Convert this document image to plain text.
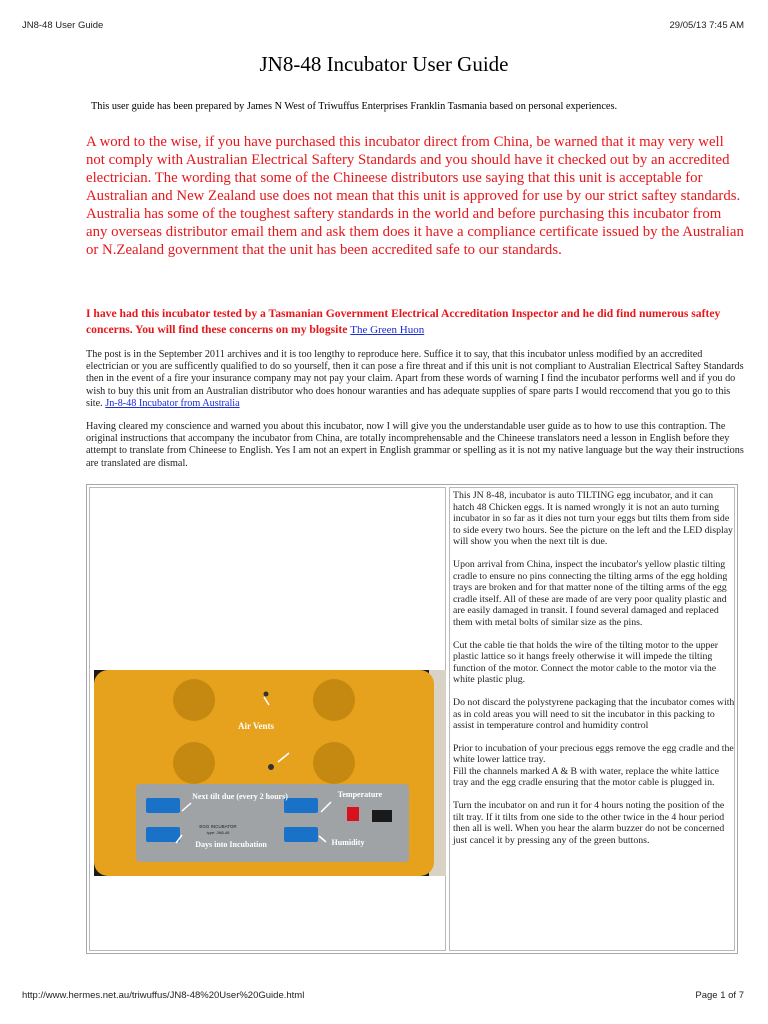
JN8-48 User Guide	29/05/13 7:45 AM
JN8-48 Incubator User Guide

This user guide has been prepared by James N West of Triwuffus Enterprises Franklin Tasmania based on personal experiences.

A word to the wise, if you have purchased this incubator direct from China, be warned that it may very well not comply with Australian Electrical Saftery Standards and you should have it checked out by an accredited electrician. The wording that some of the Chineese distributors use saying that this unit is acceptable for Australian and New Zealand use does not mean that this unit is approved for use by our strict saftey standards. Australia has some of the toughest saftery standards in the world and before purchasing this incubator from any overseas distributor email them and ask them does it have a compliance certificate issued by the Australian or N.Zealand government that the unit has been accredited safe to our standards.

I have had this incubator tested by a Tasmanian Government Electrical Accreditation Inspector and he did find numerous saftey concerns. You will find these concerns on my blogsite The Green Huon

The post is in the September 2011 archives and it is too lengthy to reproduce here. Suffice it to say, that this incubator unless modified by an accredited electrician or you are sufficently qualified to do so yourself, then it can pose a fire threat and if this unit is not compliant to Australian Electrical Saftey Standards then in the event of a fire your insurance company may not pay your claim. Apart from these words of warning I find the incubator performs well and if you do wish to buy this unit from an Australian distributor who does honour waranties and has adequate supplies of spare parts I would reccomend that you go to this site. Jn-8-48 Incubator from Australia

Having cleared my conscience and warned you about this incubator, now I will give you the understandable user guide as to how to use this contraption. The original instructions that accompany the incubator from China, are totally incomprehensable and the Chineese translators need a lesson in English before they attempt to translate from Chineese to English. Yes I am not an expert in English grammar or spelling as it is not my native language but the way their instructions are translated are dismal.

Air Vents
EGG INCUBATOR
type: JN8-48
Next tilt due (every 2 hours)	Temperature
Days into Incubation	Humidity

This JN 8-48, incubator is auto TILTING egg incubator, and it can hatch 48 Chicken eggs. It is named wrongly it is not an auto turning incubator in so far as it dies not turn your eggs but tilts them from side to side every two hours. See the picture on the left and the LED display will show you when the next tilt is due.

Upon arrival from China, inspect the incubator's yellow plastic tilting cradle to ensure no pins connecting the tilting arms of the egg holding trays are broken and for that matter none of the tilting arms of the egg cradle itself. All of these are made of are very poor quality plastic and are easily damaged in transit. I found several damaged and replaced them with metal bolts of similar size as the pins.

Cut the cable tie that holds the wire of the tilting motor to the upper plastic lattice so it hangs freely otherwise it will impede the tilting function of the motor. Connect the motor cable to the motor via the white plastic plug.

Do not discard the polystyrene packaging that the incubator comes with as in cold areas you will need to sit the incubator in this packing to assist in temperature control and humidity control

Prior to incubation of your precious eggs remove the egg cradle and the white lower lattice tray.
Fill the channels marked A & B with water, replace the white lattice tray and the egg cradle ensuring that the motor cable is plugged in.

Turn the incubator on and run it for 4 hours noting the position of the tilt tray. If it tilts from one side to the other twice in the 4 hour period then all is well. When you hear the alarm buzzer do not be concerned just cancel it by pressing any of the green buttons.

http://www.hermes.net.au/triwuffus/JN8-48%20User%20Guide.html	Page 1 of 7
